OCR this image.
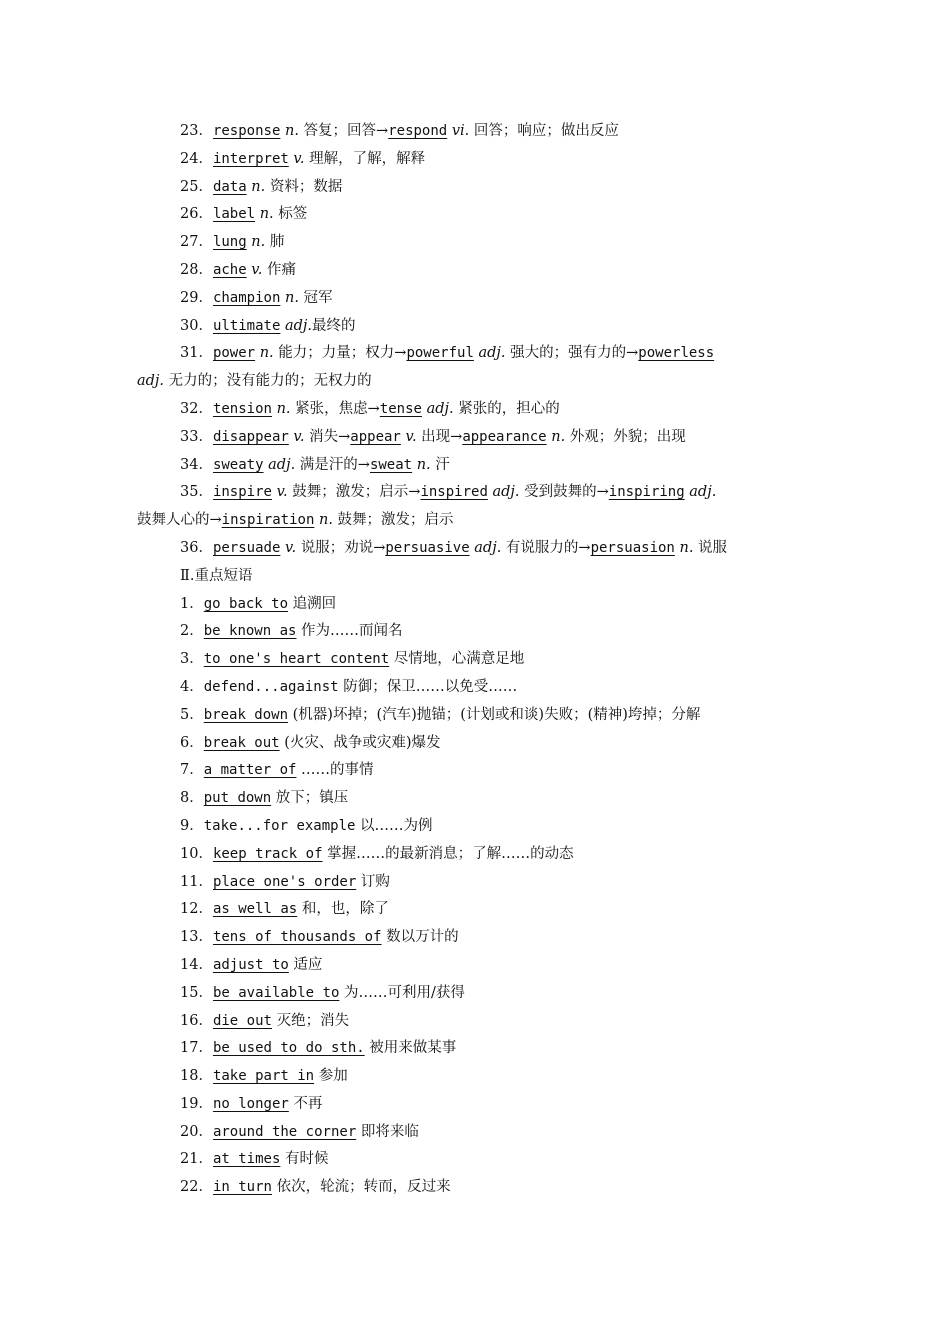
23．response n. 答复；回答→respond vi. 回答；响应；做出反应
24．interpret v. 理解，了解，解释
25．data n. 资料；数据
26．label n. 标签
27．lung n. 肺
28．ache v. 作痛
29．champion n. 冠军
30．ultimate adj.最终的
31．power n. 能力；力量；权力→powerful adj. 强大的；强有力的→powerless
adj. 无力的；没有能力的；无权力的
32．tension n. 紧张，焦虑→tense adj. 紧张的，担心的
33．disappear v. 消失→appear v. 出现→appearance n. 外观；外貌；出现
34．sweaty adj. 满是汗的→sweat n. 汗
35．inspire v. 鼓舞；激发；启示→inspired adj. 受到鼓舞的→inspiring adj.
鼓舞人心的→inspiration n. 鼓舞；激发；启示
36．persuade v. 说服；劝说→persuasive adj. 有说服力的→persuasion n. 说服
Ⅱ.重点短语
1．go back to 追溯回
2．be known as 作为……而闻名
3．to one's heart content 尽情地，心满意足地
4．defend...against 防御；保卫……以免受……
5．break down (机器)坏掉；(汽车)抛锚；(计划或和谈)失败；(精神)垮掉；分解
6．break out (火灾、战争或灾难)爆发
7．a matter of ……的事情
8．put down 放下；镇压
9．take...for example 以……为例
10．keep track of 掌握……的最新消息；了解……的动态
11．place one's order 订购
12．as well as 和，也，除了
13．tens of thousands of 数以万计的
14．adjust to 适应
15．be available to 为……可利用/获得
16．die out 灭绝；消失
17．be used to do sth. 被用来做某事
18．take part in 参加
19．no longer 不再
20．around the corner 即将来临
21．at times 有时候
22．in turn 依次，轮流；转而，反过来
